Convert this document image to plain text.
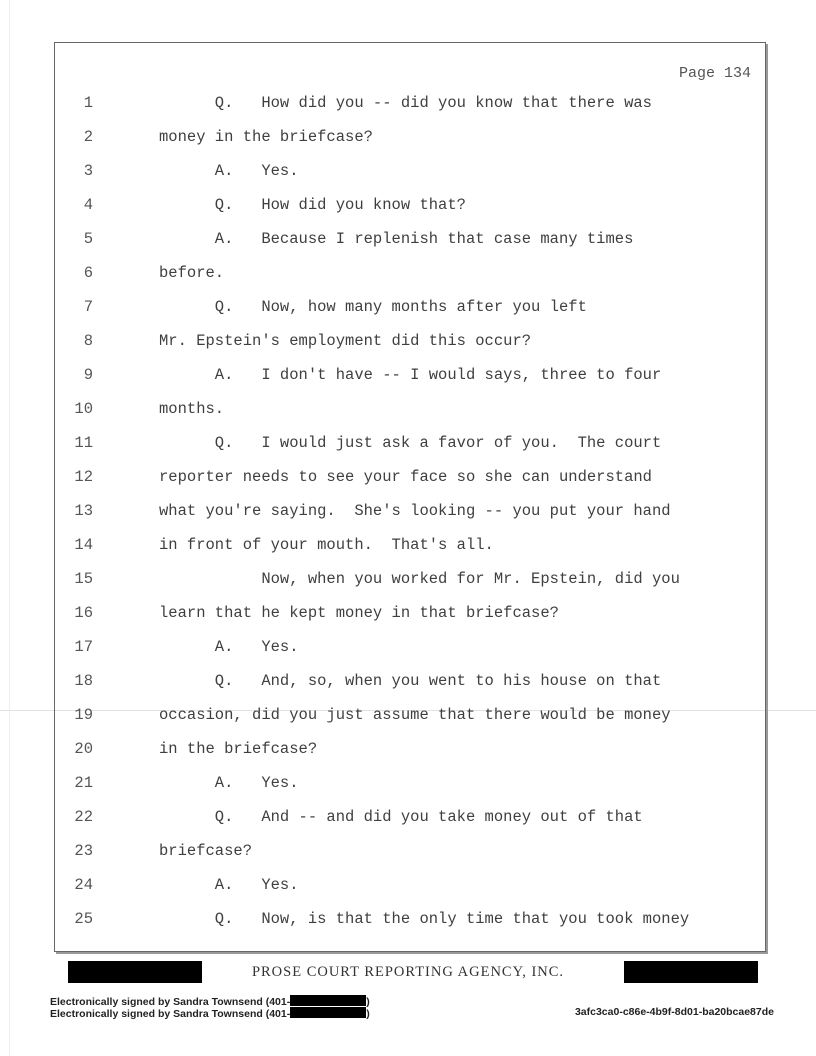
Page 134
1	Q.   How did you -- did you know that there was
2	money in the briefcase?
3	A.   Yes.
4	Q.   How did you know that?
5	A.   Because I replenish that case many times
6	before.
7	Q.   Now, how many months after you left
8	Mr. Epstein's employment did this occur?
9	A.   I don't have -- I would says, three to four
10	months.
11	Q.   I would just ask a favor of you.  The court
12	reporter needs to see your face so she can understand
13	what you're saying.  She's looking -- you put your hand
14	in front of your mouth.  That's all.
15	Now, when you worked for Mr. Epstein, did you
16	learn that he kept money in that briefcase?
17	A.   Yes.
18	Q.   And, so, when you went to his house on that
19	occasion, did you just assume that there would be money
20	in the briefcase?
21	A.   Yes.
22	Q.   And -- and did you take money out of that
23	briefcase?
24	A.   Yes.
25	Q.   Now, is that the only time that you took money
PROSE COURT REPORTING AGENCY, INC.
Electronically signed by Sandra Townsend (401-	)
Electronically signed by Sandra Townsend (401-	)	3afc3ca0-c86e-4b9f-8d01-ba20bcae87de
